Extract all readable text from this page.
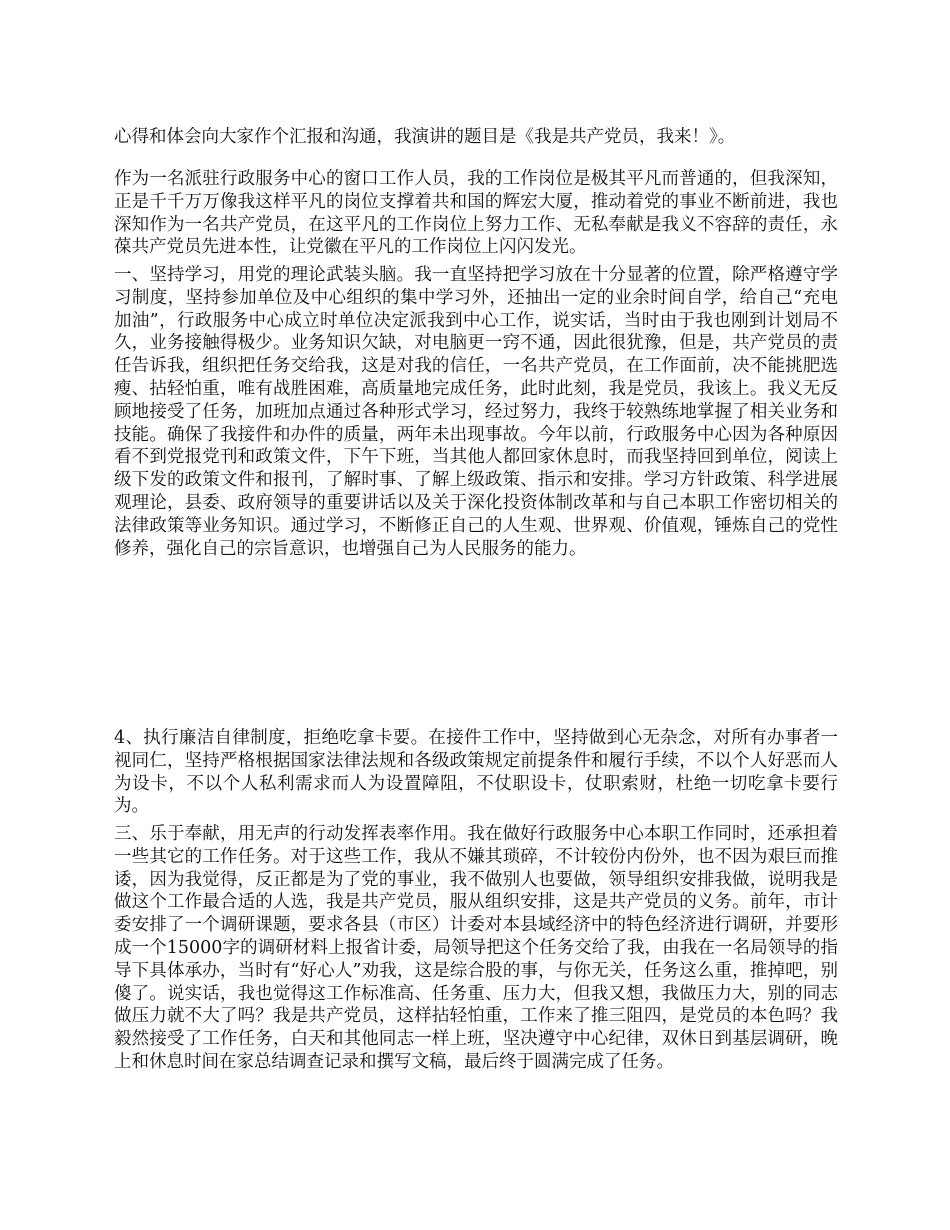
心得和体会向大家作个汇报和沟通，我演讲的题目是《我是共产党员，我来！》。

作为一名派驻行政服务中心的窗口工作人员，我的工作岗位是极其平凡而普通的，但我深知，正是千千万万像我这样平凡的岗位支撑着共和国的辉宏大厦，推动着党的事业不断前进，我也深知作为一名共产党员，在这平凡的工作岗位上努力工作、无私奉献是我义不容辞的责任，永葆共产党员先进本性，让党徽在平凡的工作岗位上闪闪发光。

一、坚持学习，用党的理论武装头脑。我一直坚持把学习放在十分显著的位置，除严格遵守学习制度，坚持参加单位及中心组织的集中学习外，还抽出一定的业余时间自学，给自己“充电加油”，行政服务中心成立时单位决定派我到中心工作，说实话，当时由于我也刚到计划局不久，业务接触得极少。业务知识欠缺，对电脑更一窍不通，因此很犹豫，但是，共产党员的责任告诉我，组织把任务交给我，这是对我的信任，一名共产党员，在工作面前，决不能挑肥选瘦、拈轻怕重，唯有战胜困难，高质量地完成任务，此时此刻，我是党员，我该上。我义无反顾地接受了任务，加班加点通过各种形式学习，经过努力，我终于较熟练地掌握了相关业务和技能。确保了我接件和办件的质量，两年未出现事故。今年以前，行政服务中心因为各种原因看不到党报党刊和政策文件，下午下班，当其他人都回家休息时，而我坚持回到单位，阅读上级下发的政策文件和报刊，了解时事、了解上级政策、指示和安排。学习方针政策、科学进展观理论，县委、政府领导的重要讲话以及关于深化投资体制改革和与自己本职工作密切相关的法律政策等业务知识。通过学习，不断修正自己的人生观、世界观、价值观，锤炼自己的党性修养，强化自己的宗旨意识，也增强自己为人民服务的能力。

4、执行廉洁自律制度，拒绝吃拿卡要。在接件工作中，坚持做到心无杂念，对所有办事者一视同仁，坚持严格根据国家法律法规和各级政策规定前提条件和履行手续，不以个人好恶而人为设卡，不以个人私利需求而人为设置障阻，不仗职设卡，仗职索财，杜绝一切吃拿卡要行为。

三、乐于奉献，用无声的行动发挥表率作用。我在做好行政服务中心本职工作同时，还承担着一些其它的工作任务。对于这些工作，我从不嫌其琐碎，不计较份内份外，也不因为艰巨而推诿，因为我觉得，反正都是为了党的事业，我不做别人也要做，领导组织安排我做，说明我是做这个工作最合适的人选，我是共产党员，服从组织安排，这是共产党员的义务。前年，市计委安排了一个调研课题，要求各县（市区）计委对本县域经济中的特色经济进行调研，并要形成一个15000字的调研材料上报省计委，局领导把这个任务交给了我，由我在一名局领导的指导下具体承办，当时有“好心人”劝我，这是综合股的事，与你无关，任务这么重，推掉吧，别傻了。说实话，我也觉得这工作标准高、任务重、压力大，但我又想，我做压力大，别的同志做压力就不大了吗？我是共产党员，这样拈轻怕重，工作来了推三阻四，是党员的本色吗？我毅然接受了工作任务，白天和其他同志一样上班，坚决遵守中心纪律，双休日到基层调研，晚上和休息时间在家总结调查记录和撰写文稿，最后终于圆满完成了任务。
